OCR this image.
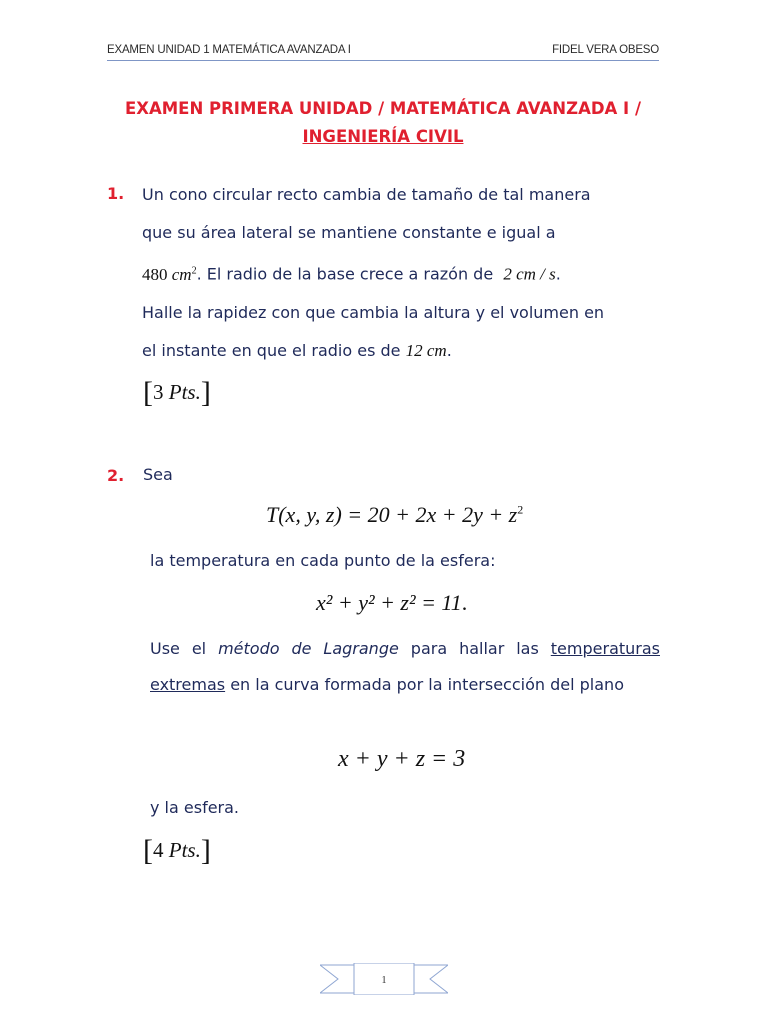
EXAMEN UNIDAD 1 MATEMÁTICA AVANZADA I	FIDEL VERA OBESO
EXAMEN PRIMERA UNIDAD / MATEMÁTICA AVANZADA I /
INGENIERÍA CIVIL
1. Un cono circular recto cambia de tamaño de tal manera
que su área lateral se mantiene constante e igual a
480 $cm^2$. El radio de la base crece a razón de 2 cm / s.
Halle la rapidez con que cambia la altura y el volumen en
el instante en que el radio es de 12 cm.
[3 Pts.]
2. Sea
T(x, y, $z) = 20 + 2x + 2y + z^2$
la temperatura en cada punto de la esfera:
x² + y² + z² = 11.
Use el método de Lagrange para hallar las temperaturas extremas en la curva formada por la intersección del plano
x + y + z = 3
y la esfera.
[4 Pts.]
1
